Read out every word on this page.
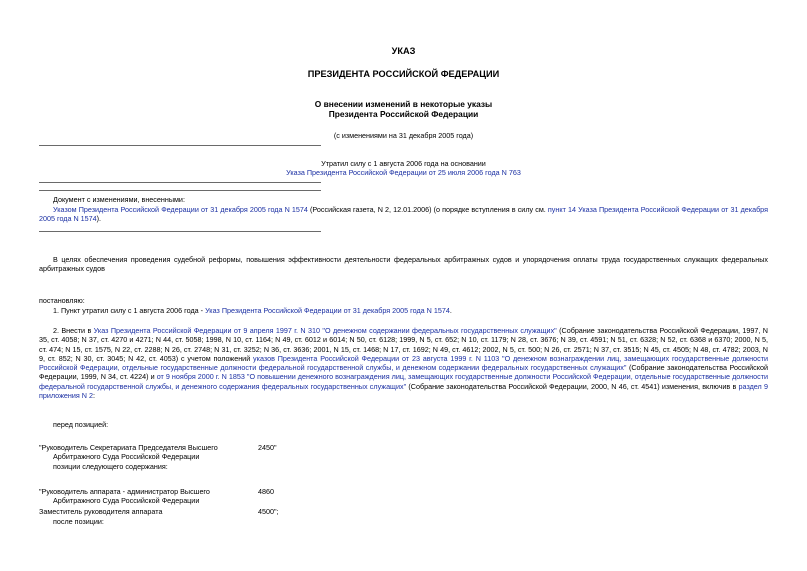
УКАЗ
ПРЕЗИДЕНТА РОССИЙСКОЙ ФЕДЕРАЦИИ
О внесении изменений в некоторые указы
Президента Российской Федерации
(с изменениями на 31 декабря 2005 года)
Утратил силу с 1 августа 2006 года на основании
Указа Президента Российской Федерации от 25 июля 2006 года N 763
Документ с изменениями, внесенными:
Указом Президента Российской Федерации от 31 декабря 2005 года N 1574 (Российская газета, N 2, 12.01.2006) (о порядке вступления в силу см. пункт 14 Указа Президента Российской Федерации от 31 декабря 2005 года N 1574).
В целях обеспечения проведения судебной реформы, повышения эффективности деятельности федеральных арбитражных судов и упорядочения оплаты труда государственных служащих федеральных арбитражных судов
постановляю:
1. Пункт утратил силу с 1 августа 2006 года - Указ Президента Российской Федерации от 31 декабря 2005 года N 1574.
2. Внести в Указ Президента Российской Федерации от 9 апреля 1997 г. N 310 "О денежном содержании федеральных государственных служащих" (Собрание законодательства Российской Федерации, 1997, N 35, ст. 4058; N 37, ст. 4270 и 4271; N 44, ст. 5058; 1998, N 10, ст. 1164; N 49, ст. 6012 и 6014; N 50, ст. 6128; 1999, N 5, ст. 652; N 10, ст. 1179; N 28, ст. 3676; N 39, ст. 4591; N 51, ст. 6328; N 52, ст. 6368 и 6370; 2000, N 5, ст. 474; N 15, ст. 1575, N 22, ст. 2288; N 26, ст. 2748; N 31, ст. 3252; N 36, ст. 3636; 2001, N 15, ст. 1468; N 17, ст. 1692; N 49, ст. 4612; 2002, N 5, ст. 500; N 26, ст. 2571; N 37, ст. 3515; N 45, ст. 4505; N 48, ст. 4782; 2003, N 9, ст. 852; N 30, ст. 3045; N 42, ст. 4053) с учетом положений указов Президента Российской Федерации от 23 августа 1999 г. N 1103 "О денежном вознаграждении лиц, замещающих государственные должности Российской Федерации, отдельные государственные должности федеральной государственной службы, и денежном содержании федеральных государственных служащих" (Собрание законодательства Российской Федерации, 1999, N 34, ст. 4224) и от 9 ноября 2000 г. N 1853 "О повышении денежного вознаграждения лиц, замещающих государственные должности Российской Федерации, отдельные государственные должности федеральной государственной службы, и денежного содержания федеральных государственных служащих" (Собрание законодательства Российской Федерации, 2000, N 46, ст. 4541) изменения, включив в раздел 9 приложения N 2:
перед позицией:
"Руководитель Секретариата Председателя Высшего
Арбитражного Суда Российской Федерации
2450"
позиции следующего содержания:
"Руководитель аппарата - администратор Высшего
Арбитражного Суда Российской Федерации
4860
Заместитель руководителя аппарата	4500";
после позиции:
